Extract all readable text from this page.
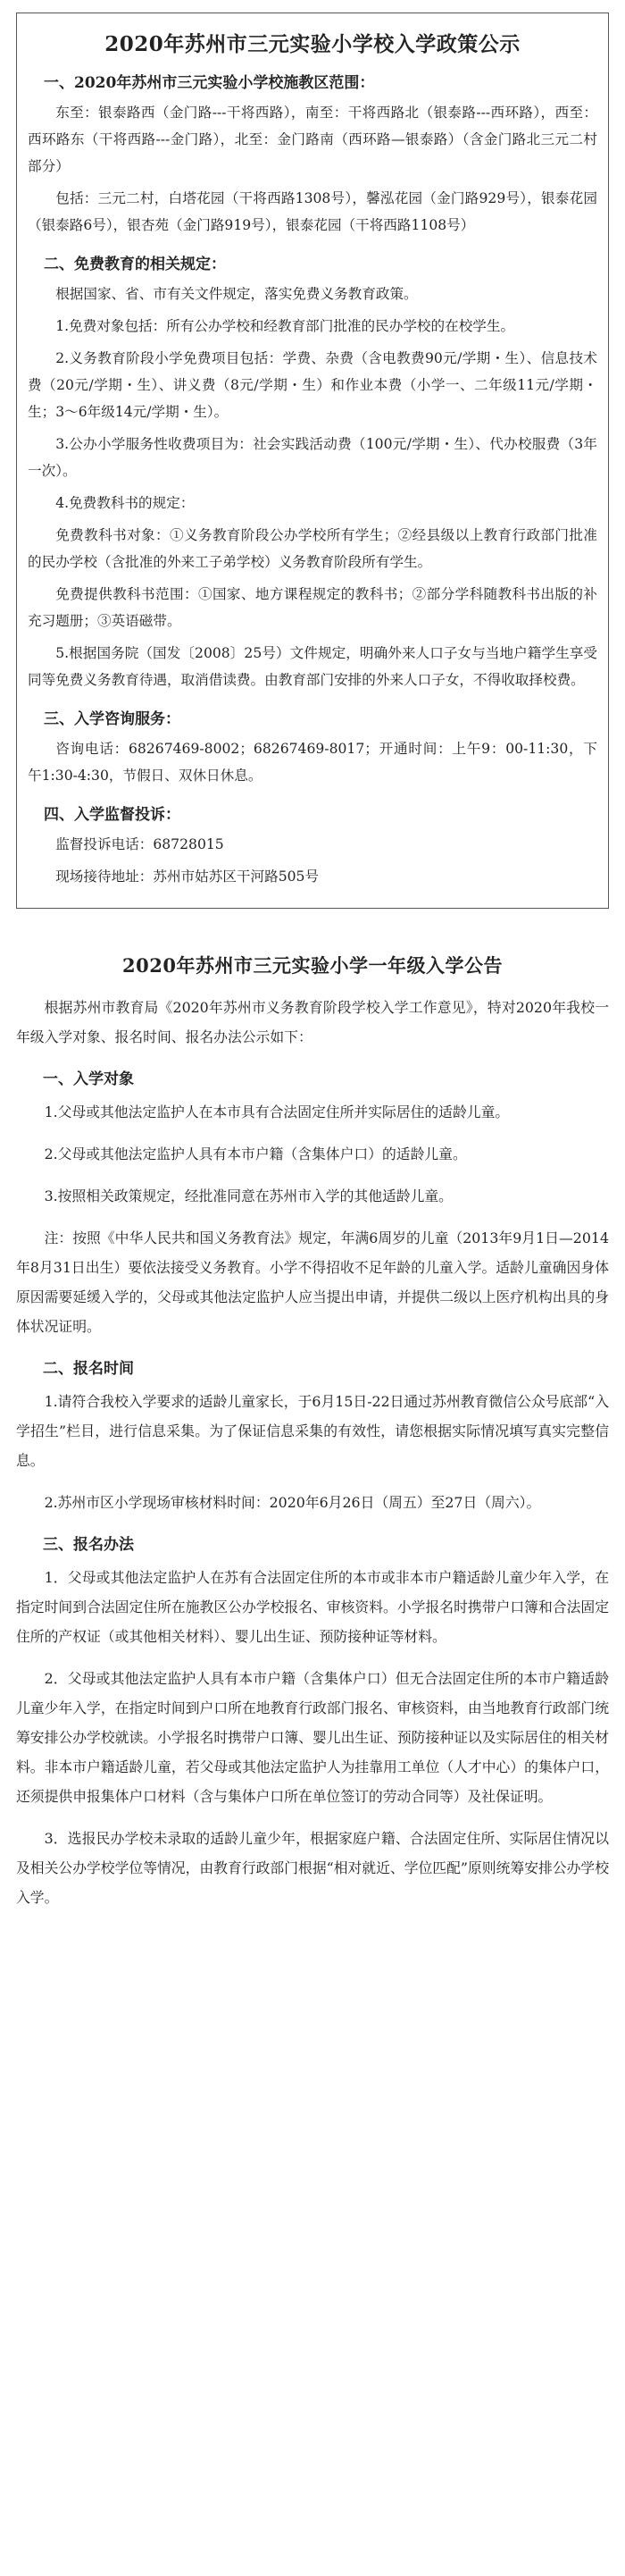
2020年苏州市三元实验小学校入学政策公示
一、2020年苏州市三元实验小学校施教区范围：
东至：银泰路西（金门路---干将西路），南至：干将西路北（银泰路---西环路），西至：西环路东（干将西路---金门路），北至：金门路南（西环路—银泰路）（含金门路北三元二村部分）
包括：三元二村，白塔花园（干将西路1308号），馨泓花园（金门路929号），银泰花园（银泰路6号），银杏苑（金门路919号），银泰花园（干将西路1108号）
二、免费教育的相关规定：
根据国家、省、市有关文件规定，落实免费义务教育政策。
1.免费对象包括：所有公办学校和经教育部门批准的民办学校的在校学生。
2.义务教育阶段小学免费项目包括：学费、杂费（含电教费90元/学期・生）、信息技术费（20元/学期・生）、讲义费（8元/学期・生）和作业本费（小学一、二年级11元/学期・生；3～6年级14元/学期・生）。
3.公办小学服务性收费项目为：社会实践活动费（100元/学期・生）、代办校服费（3年一次）。
4.免费教科书的规定：
免费教科书对象：①义务教育阶段公办学校所有学生；②经县级以上教育行政部门批准的民办学校（含批准的外来工子弟学校）义务教育阶段所有学生。
免费提供教科书范围：①国家、地方课程规定的教科书；②部分学科随教科书出版的补充习题册；③英语磁带。
5.根据国务院（国发〔2008〕25号）文件规定，明确外来人口子女与当地户籍学生享受同等免费义务教育待遇，取消借读费。由教育部门安排的外来人口子女，不得收取择校费。
三、入学咨询服务：
咨询电话：68267469-8002；68267469-8017；开通时间：上午9：00-11:30，下午1:30-4:30，节假日、双休日休息。
四、入学监督投诉：
监督投诉电话：68728015
现场接待地址：苏州市姑苏区干河路505号
2020年苏州市三元实验小学一年级入学公告
根据苏州市教育局《2020年苏州市义务教育阶段学校入学工作意见》，特对2020年我校一年级入学对象、报名时间、报名办法公示如下：
一、入学对象
1.父母或其他法定监护人在本市具有合法固定住所并实际居住的适龄儿童。
2.父母或其他法定监护人具有本市户籍（含集体户口）的适龄儿童。
3.按照相关政策规定，经批准同意在苏州市入学的其他适龄儿童。
注：按照《中华人民共和国义务教育法》规定，年满6周岁的儿童（2013年9月1日—2014年8月31日出生）要依法接受义务教育。小学不得招收不足年龄的儿童入学。适龄儿童确因身体原因需要延缓入学的，父母或其他法定监护人应当提出申请，并提供二级以上医疗机构出具的身体状况证明。
二、报名时间
1.请符合我校入学要求的适龄儿童家长，于6月15日-22日通过苏州教育微信公众号底部“入学招生”栏目，进行信息采集。为了保证信息采集的有效性，请您根据实际情况填写真实完整信息。
2.苏州市区小学现场审核材料时间：2020年6月26日（周五）至27日（周六）。
三、报名办法
1．父母或其他法定监护人在苏有合法固定住所的本市或非本市户籍适龄儿童少年入学，在指定时间到合法固定住所在施教区公办学校报名、审核资料。小学报名时携带户口簿和合法固定住所的产权证（或其他相关材料）、婴儿出生证、预防接种证等材料。
2．父母或其他法定监护人具有本市户籍（含集体户口）但无合法固定住所的本市户籍适龄儿童少年入学，在指定时间到户口所在地教育行政部门报名、审核资料，由当地教育行政部门统筹安排公办学校就读。小学报名时携带户口簿、婴儿出生证、预防接种证以及实际居住的相关材料。非本市户籍适龄儿童，若父母或其他法定监护人为挂靠用工单位（人才中心）的集体户口，还须提供申报集体户口材料（含与集体户口所在单位签订的劳动合同等）及社保证明。
3．选报民办学校未录取的适龄儿童少年，根据家庭户籍、合法固定住所、实际居住情况以及相关公办学校学位等情况，由教育行政部门根据“相对就近、学位匹配”原则统筹安排公办学校入学。
